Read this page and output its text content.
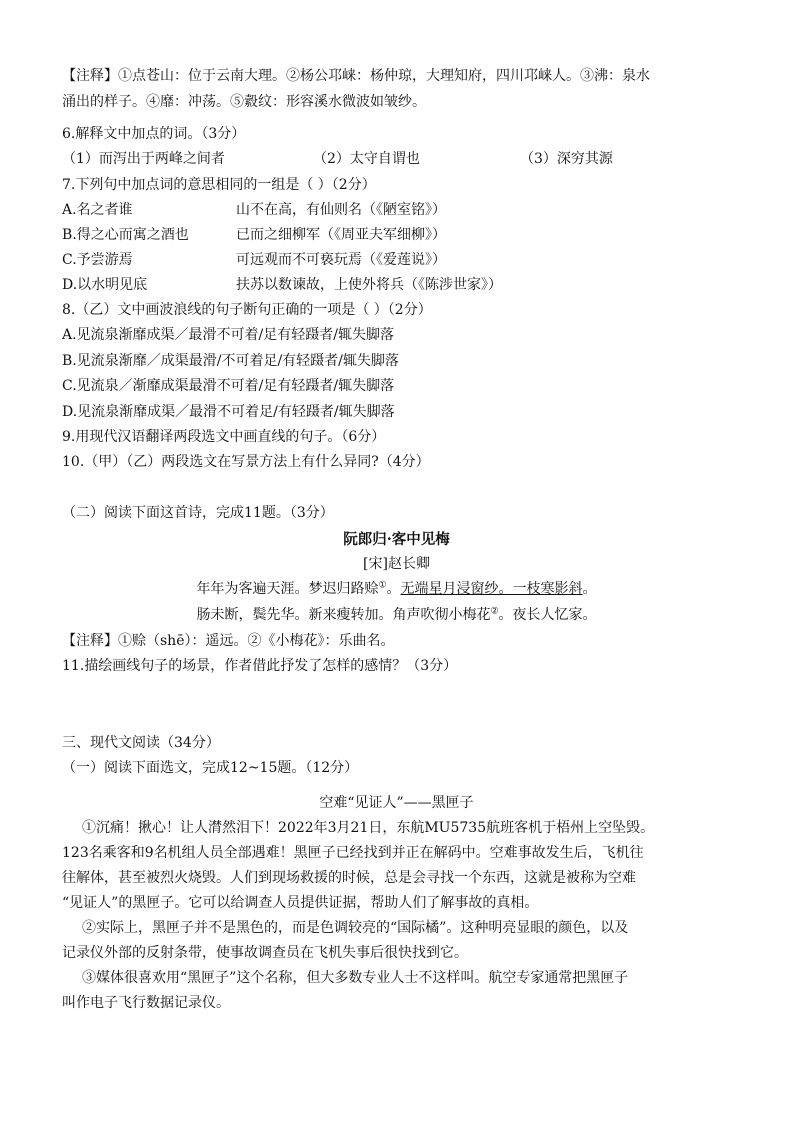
【注释】①点苍山：位于云南大理。②杨公邛崃：杨仲琼，大理知府，四川邛崃人。③沸：泉水
涌出的样子。④靡：冲荡。⑤縠纹：形容溪水微波如皱纱。
6.解释文中加点的词。（3分）
（1）而泻出于两峰之间者	（2）太守自谓也	（3）深穷其源
7.下列句中加点词的意思相同的一组是（ ）（2分）
A.名之者谁	山不在高，有仙则名（《陋室铭》）
B.得之心而寓之酒也	已而之细柳军（《周亚夫军细柳》）
C.予尝游焉	可远观而不可亵玩焉（《爱莲说》）
D.以水明见底	扶苏以数谏故，上使外将兵（《陈涉世家》）
8.（乙）文中画波浪线的句子断句正确的一项是（ ）（2分）
A.见流泉渐靡成渠／最滑不可着/足有轻蹑者/辄失脚落
B.见流泉渐靡／成渠最滑/不可着足/有轻蹑者/辄失脚落
C.见流泉／渐靡成渠最滑不可着/足有轻蹑者/辄失脚落
D.见流泉渐靡成渠／最滑不可着足/有轻蹑者/辄失脚落
9.用现代汉语翻译两段选文中画直线的句子。（6分）
10.（甲）（乙）两段选文在写景方法上有什么异同?（4分）
（二）阅读下面这首诗，完成11题。（3分）
阮郎归·客中见梅
[宋]赵长卿
年年为客遍天涯。梦迟归路赊①。无端星月浸窗纱。一枝寒影斜。
肠未断，鬓先华。新来瘦转加。角声吹彻小梅花②。夜长人忆家。
【注释】①赊（shē）：遥远。②《小梅花》：乐曲名。
11.描绘画线句子的场景，作者借此抒发了怎样的感情？（3分）
三、现代文阅读（34分）
（一）阅读下面选文，完成12~15题。（12分）
空难“见证人”——黑匣子
①沉痛！揪心！让人潸然泪下！2022年3月21日，东航MU5735航班客机于梧州上空坠毁。
123名乘客和9名机组人员全部遇难！黑匣子已经找到并正在解码中。空难事故发生后，飞机往
往解体，甚至被烈火烧毁。人们到现场救援的时候，总是会寻找一个东西，这就是被称为空难
“见证人”的黑匣子。它可以给调查人员提供证据，帮助人们了解事故的真相。
②实际上，黑匣子并不是黑色的，而是色调较亮的“国际橘”。这种明亮显眼的颜色，以及
记录仪外部的反射条带，使事故调查员在飞机失事后很快找到它。
③媒体很喜欢用“黑匣子”这个名称，但大多数专业人士不这样叫。航空专家通常把黑匣子
叫作电子飞行数据记录仪。
